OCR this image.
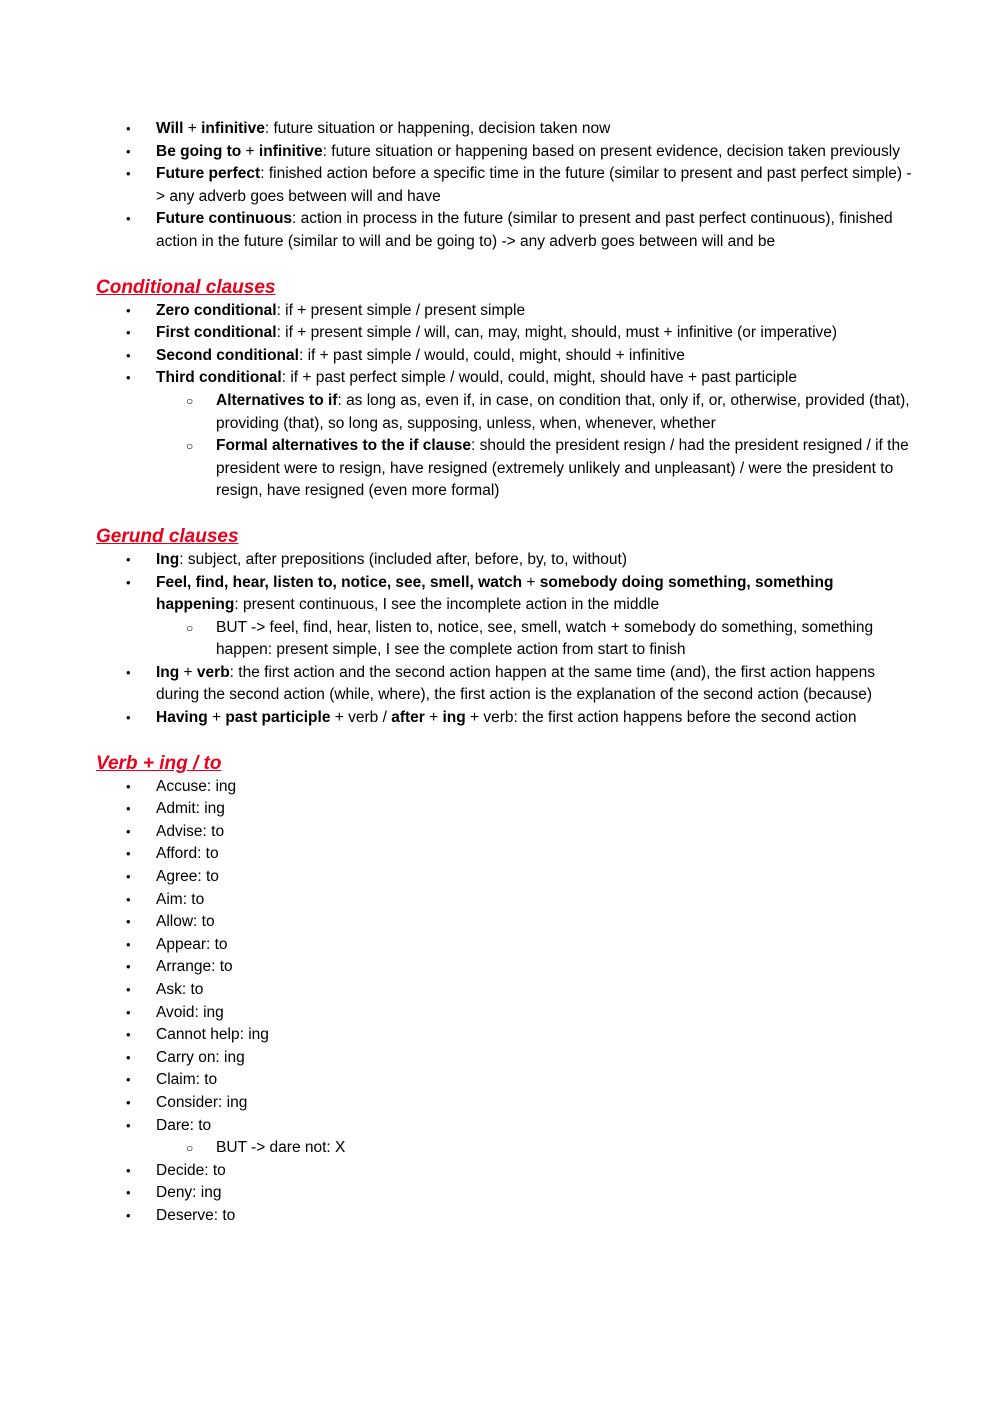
• Will + infinitive: future situation or happening, decision taken now
• Be going to + infinitive: future situation or happening based on present evidence, decision taken previously
• Future perfect: finished action before a specific time in the future (similar to present and past perfect simple) -> any adverb goes between will and have
• Future continuous: action in process in the future (similar to present and past perfect continuous), finished action in the future (similar to will and be going to) -> any adverb goes between will and be
Conditional clauses
• Zero conditional: if + present simple / present simple
• First conditional: if + present simple / will, can, may, might, should, must + infinitive (or imperative)
• Second conditional: if + past simple / would, could, might, should + infinitive
• Third conditional: if + past perfect simple / would, could, might, should have + past participle
○ Alternatives to if: as long as, even if, in case, on condition that, only if, or, otherwise, provided (that), providing (that), so long as, supposing, unless, when, whenever, whether
○ Formal alternatives to the if clause: should the president resign / had the president resigned / if the president were to resign, have resigned (extremely unlikely and unpleasant) / were the president to resign, have resigned (even more formal)
Gerund clauses
• Ing: subject, after prepositions (included after, before, by, to, without)
• Feel, find, hear, listen to, notice, see, smell, watch + somebody doing something, something happening: present continuous, I see the incomplete action in the middle
○ BUT -> feel, find, hear, listen to, notice, see, smell, watch + somebody do something, something happen: present simple, I see the complete action from start to finish
• Ing + verb: the first action and the second action happen at the same time (and), the first action happens during the second action (while, where), the first action is the explanation of the second action (because)
• Having + past participle + verb / after + ing + verb: the first action happens before the second action
Verb + ing / to
• Accuse: ing
• Admit: ing
• Advise: to
• Afford: to
• Agree: to
• Aim: to
• Allow: to
• Appear: to
• Arrange: to
• Ask: to
• Avoid: ing
• Cannot help: ing
• Carry on: ing
• Claim: to
• Consider: ing
• Dare: to
○ BUT -> dare not: X
• Decide: to
• Deny: ing
• Deserve: to
